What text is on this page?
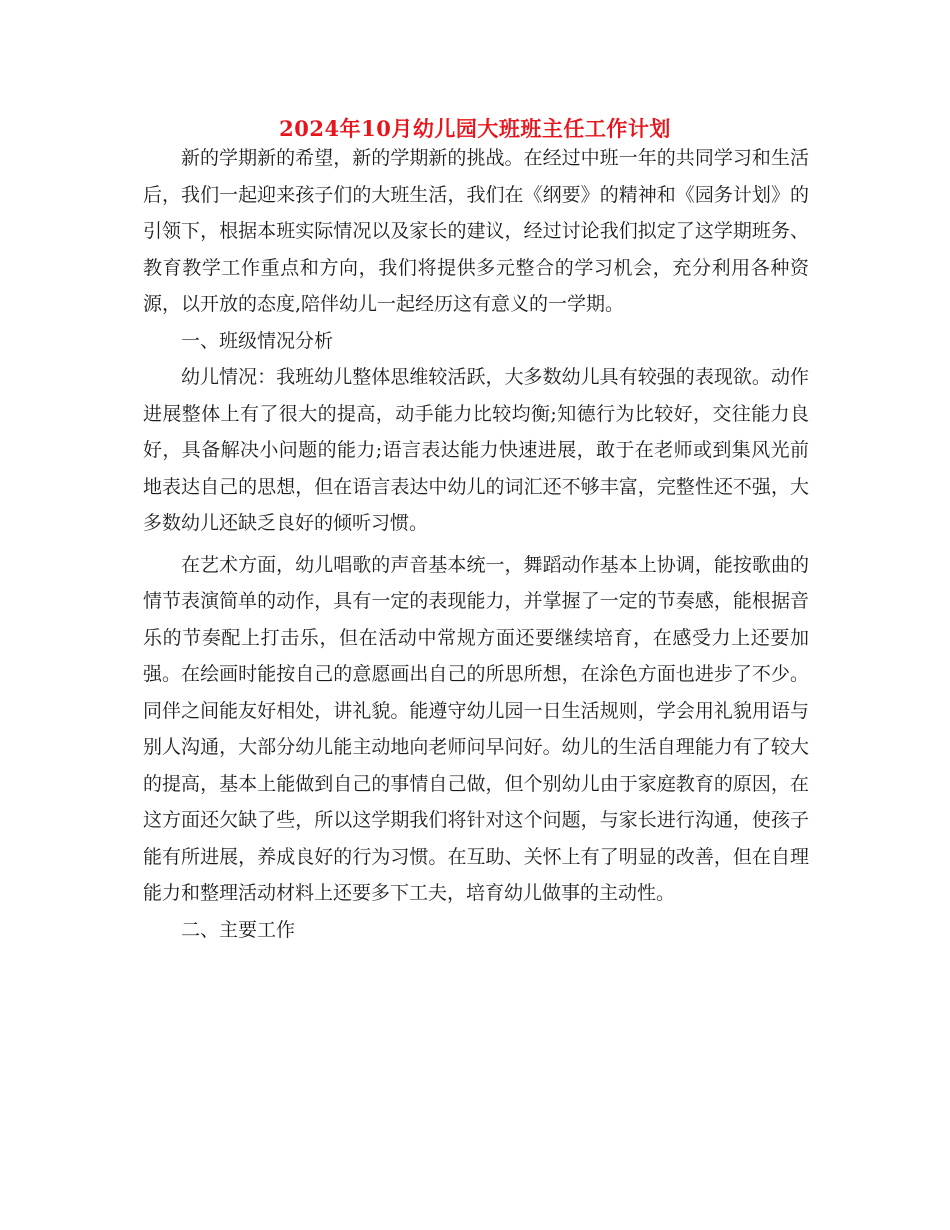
2024年10月幼儿园大班班主任工作计划

新的学期新的希望，新的学期新的挑战。在经过中班一年的共同学习和生活后，我们一起迎来孩子们的大班生活，我们在《纲要》的精神和《园务计划》的引领下，根据本班实际情况以及家长的建议，经过讨论我们拟定了这学期班务、教育教学工作重点和方向，我们将提供多元整合的学习机会，充分利用各种资源，以开放的态度,陪伴幼儿一起经历这有意义的一学期。

一、班级情况分析

幼儿情况：我班幼儿整体思维较活跃，大多数幼儿具有较强的表现欲。动作进展整体上有了很大的提高，动手能力比较均衡;知德行为比较好，交往能力良好，具备解决小问题的能力;语言表达能力快速进展，敢于在老师或到集风光前地表达自己的思想，但在语言表达中幼儿的词汇还不够丰富，完整性还不强，大多数幼儿还缺乏良好的倾听习惯。

在艺术方面，幼儿唱歌的声音基本统一，舞蹈动作基本上协调，能按歌曲的情节表演简单的动作，具有一定的表现能力，并掌握了一定的节奏感，能根据音乐的节奏配上打击乐，但在活动中常规方面还要继续培育，在感受力上还要加强。在绘画时能按自己的意愿画出自己的所思所想，在涂色方面也进步了不少。同伴之间能友好相处，讲礼貌。能遵守幼儿园一日生活规则，学会用礼貌用语与别人沟通，大部分幼儿能主动地向老师问早问好。幼儿的生活自理能力有了较大的提高，基本上能做到自己的事情自己做，但个别幼儿由于家庭教育的原因，在这方面还欠缺了些，所以这学期我们将针对这个问题，与家长进行沟通，使孩子能有所进展，养成良好的行为习惯。在互助、关怀上有了明显的改善，但在自理能力和整理活动材料上还要多下工夫，培育幼儿做事的主动性。

二、主要工作
